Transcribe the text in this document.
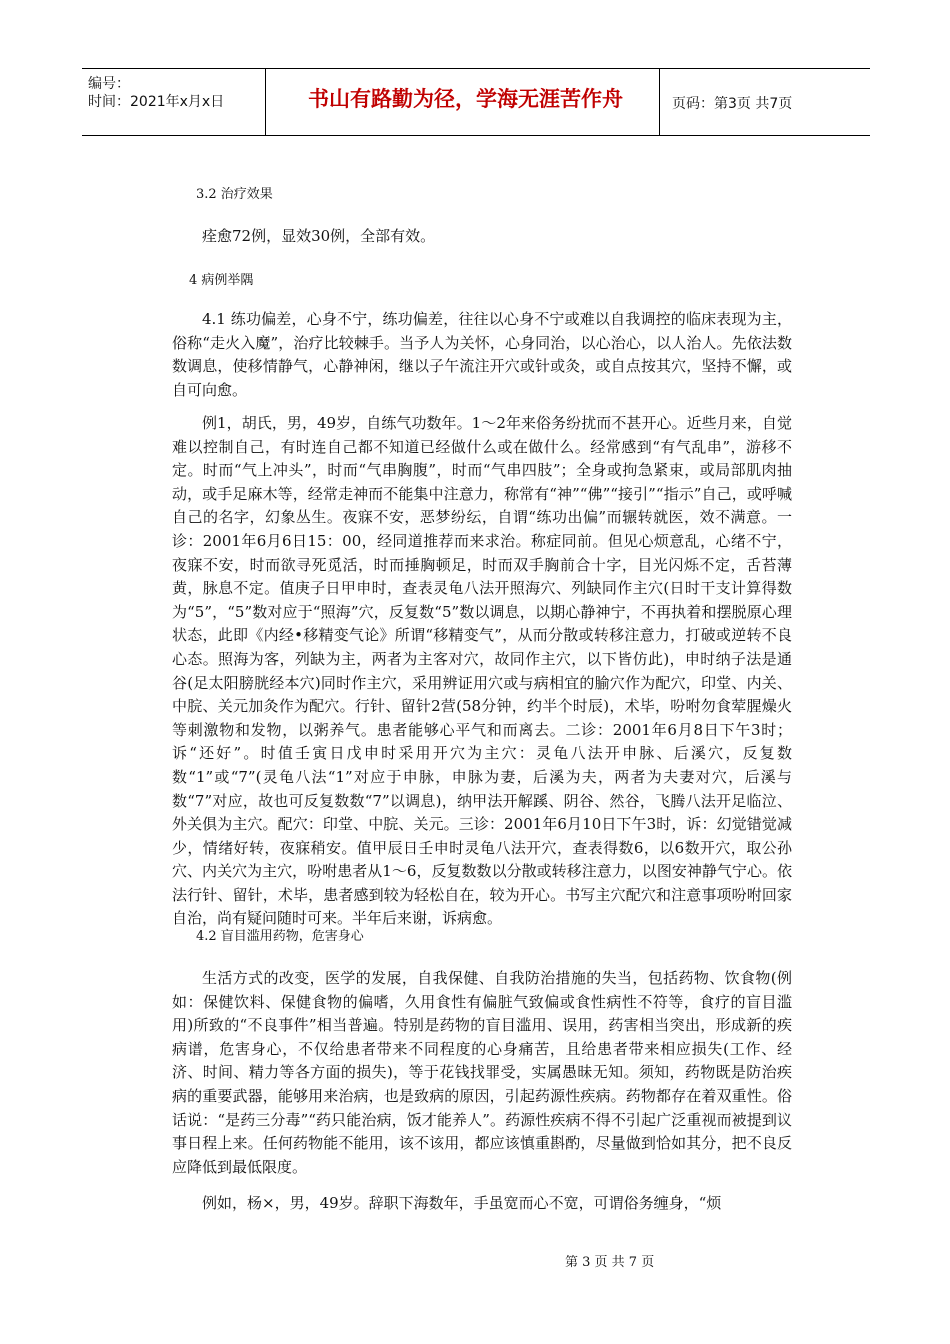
编号：
时间：2021年x月x日	书山有路勤为径，学海无涯苦作舟	页码：第3页 共7页
3.2 治疗效果

痊愈72例，显效30例，全部有效。

4 病例举隅

4.1 练功偏差，心身不宁，练功偏差，往往以心身不宁或难以自我调控的临床表现为主，俗称“走火入魔”，治疗比较棘手。当予人为关怀，心身同治，以心治心，以人治人。先依法数数调息，使移情静气，心静神闲，继以子午流注开穴或针或灸，或自点按其穴，坚持不懈，或自可向愈。

例1，胡氏，男，49岁，自练气功数年。1～2年来俗务纷扰而不甚开心。近些月来，自觉难以控制自己，有时连自己都不知道已经做什么或在做什么。经常感到“有气乱串”，游移不定。时而“气上冲头”，时而“气串胸腹”，时而“气串四肢”；全身或拘急紧束，或局部肌肉抽动，或手足麻木等，经常走神而不能集中注意力，称常有“神”“佛”“接引”“指示”自己，或呼喊自己的名字，幻象丛生。夜寐不安，恶梦纷纭，自谓“练功出偏”而辗转就医，效不满意。一诊：2001年6月6日15：00，经同道推荐而来求治。称症同前。但见心烦意乱，心绪不宁，夜寐不安，时而欲寻死觅活，时而捶胸顿足，时而双手胸前合十字，目光闪烁不定，舌苔薄黄，脉息不定。值庚子日甲申时，查表灵龟八法开照海穴、列缺同作主穴(日时干支计算得数为“5”，“5”数对应于“照海”穴，反复数“5”数以调息，以期心静神宁，不再执着和摆脱原心理状态，此即《内经•移精变气论》所谓“移精变气”，从而分散或转移注意力，打破或逆转不良心态。照海为客，列缺为主，两者为主客对穴，故同作主穴，以下皆仿此)，申时纳子法是通谷(足太阳膀胱经本穴)同时作主穴，采用辨证用穴或与病相宜的腧穴作为配穴，印堂、内关、中脘、关元加灸作为配穴。行针、留针2营(58分钟，约半个时辰)，术毕，吩咐勿食荤腥燥火等刺激物和发物，以粥养气。患者能够心平气和而离去。二诊：2001年6月8日下午3时；诉“还好”。时值壬寅日戊申时采用开穴为主穴：灵龟八法开申脉、后溪穴，反复数数“1”或“7”(灵龟八法“1”对应于申脉，申脉为妻，后溪为夫，两者为夫妻对穴，后溪与数“7”对应，故也可反复数数“7”以调息)，纳甲法开解蹊、阴谷、然谷，飞腾八法开足临泣、外关俱为主穴。配穴：印堂、中脘、关元。三诊：2001年6月10日下午3时，诉：幻觉错觉减少，情绪好转，夜寐稍安。值甲辰日壬申时灵龟八法开穴，查表得数6，以6数开穴，取公孙穴、内关穴为主穴，吩咐患者从1～6，反复数数以分散或转移注意力，以图安神静气宁心。依法行针、留针，术毕，患者感到较为轻松自在，较为开心。书写主穴配穴和注意事项吩咐回家自治，尚有疑问随时可来。半年后来谢，诉病愈。

4.2 盲目滥用药物，危害身心

生活方式的改变，医学的发展，自我保健、自我防治措施的失当，包括药物、饮食物(例如：保健饮料、保健食物的偏嗜，久用食性有偏脏气致偏或食性病性不符等，食疗的盲目滥用)所致的“不良事件”相当普遍。特别是药物的盲目滥用、误用，药害相当突出，形成新的疾病谱，危害身心，不仅给患者带来不同程度的心身痛苦，且给患者带来相应损失(工作、经济、时间、精力等各方面的损失)，等于花钱找罪受，实属愚昧无知。须知，药物既是防治疾病的重要武器，能够用来治病，也是致病的原因，引起药源性疾病。药物都存在着双重性。俗话说：“是药三分毒”“药只能治病，饭才能养人”。药源性疾病不得不引起广泛重视而被提到议事日程上来。任何药物能不能用，该不该用，都应该慎重斟酌，尽量做到恰如其分，把不良反应降低到最低限度。

例如，杨×，男，49岁。辞职下海数年，手虽宽而心不宽，可谓俗务缠身，“烦

第 3 页 共 7 页
